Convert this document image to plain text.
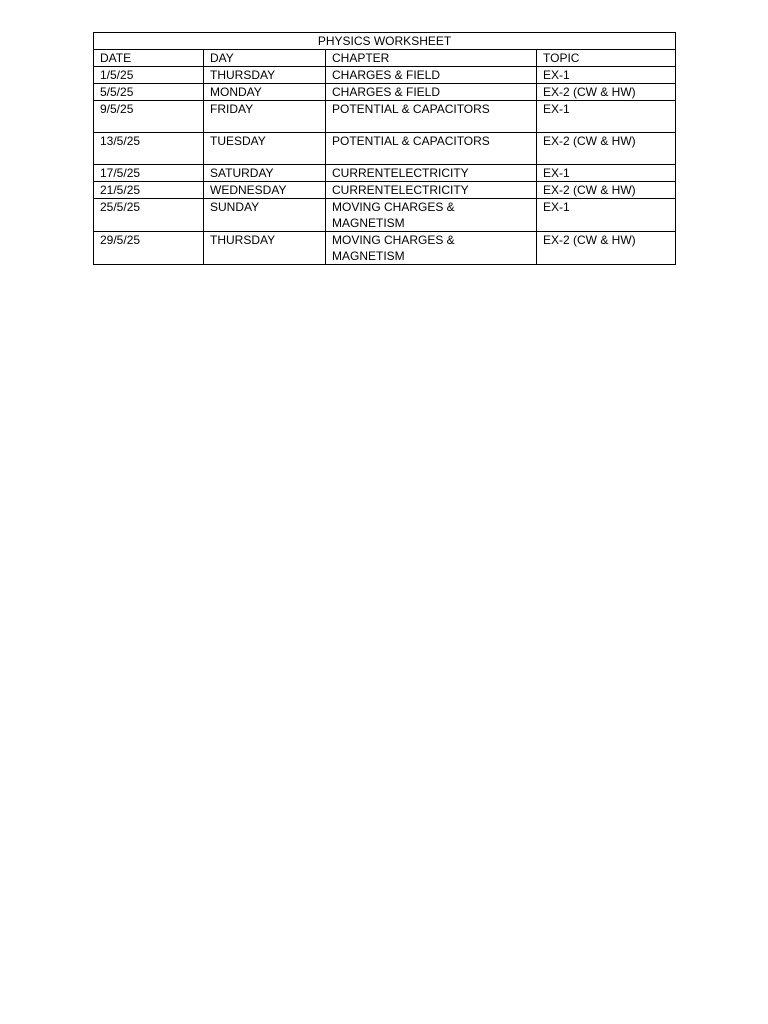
PHYSICS WORKSHEET			
DATE	DAY	CHAPTER	TOPIC
1/5/25	THURSDAY	CHARGES & FIELD	EX-1
5/5/25	MONDAY	CHARGES & FIELD	EX-2 (CW & HW)
9/5/25	FRIDAY	POTENTIAL & CAPACITORS	EX-1
13/5/25	TUESDAY	POTENTIAL & CAPACITORS	EX-2 (CW & HW)
17/5/25	SATURDAY	CURRENTELECTRICITY	EX-1
21/5/25	WEDNESDAY	CURRENTELECTRICITY	EX-2 (CW & HW)
25/5/25	SUNDAY	MOVING CHARGES & MAGNETISM	EX-1
29/5/25	THURSDAY	MOVING CHARGES & MAGNETISM	EX-2 (CW & HW)
